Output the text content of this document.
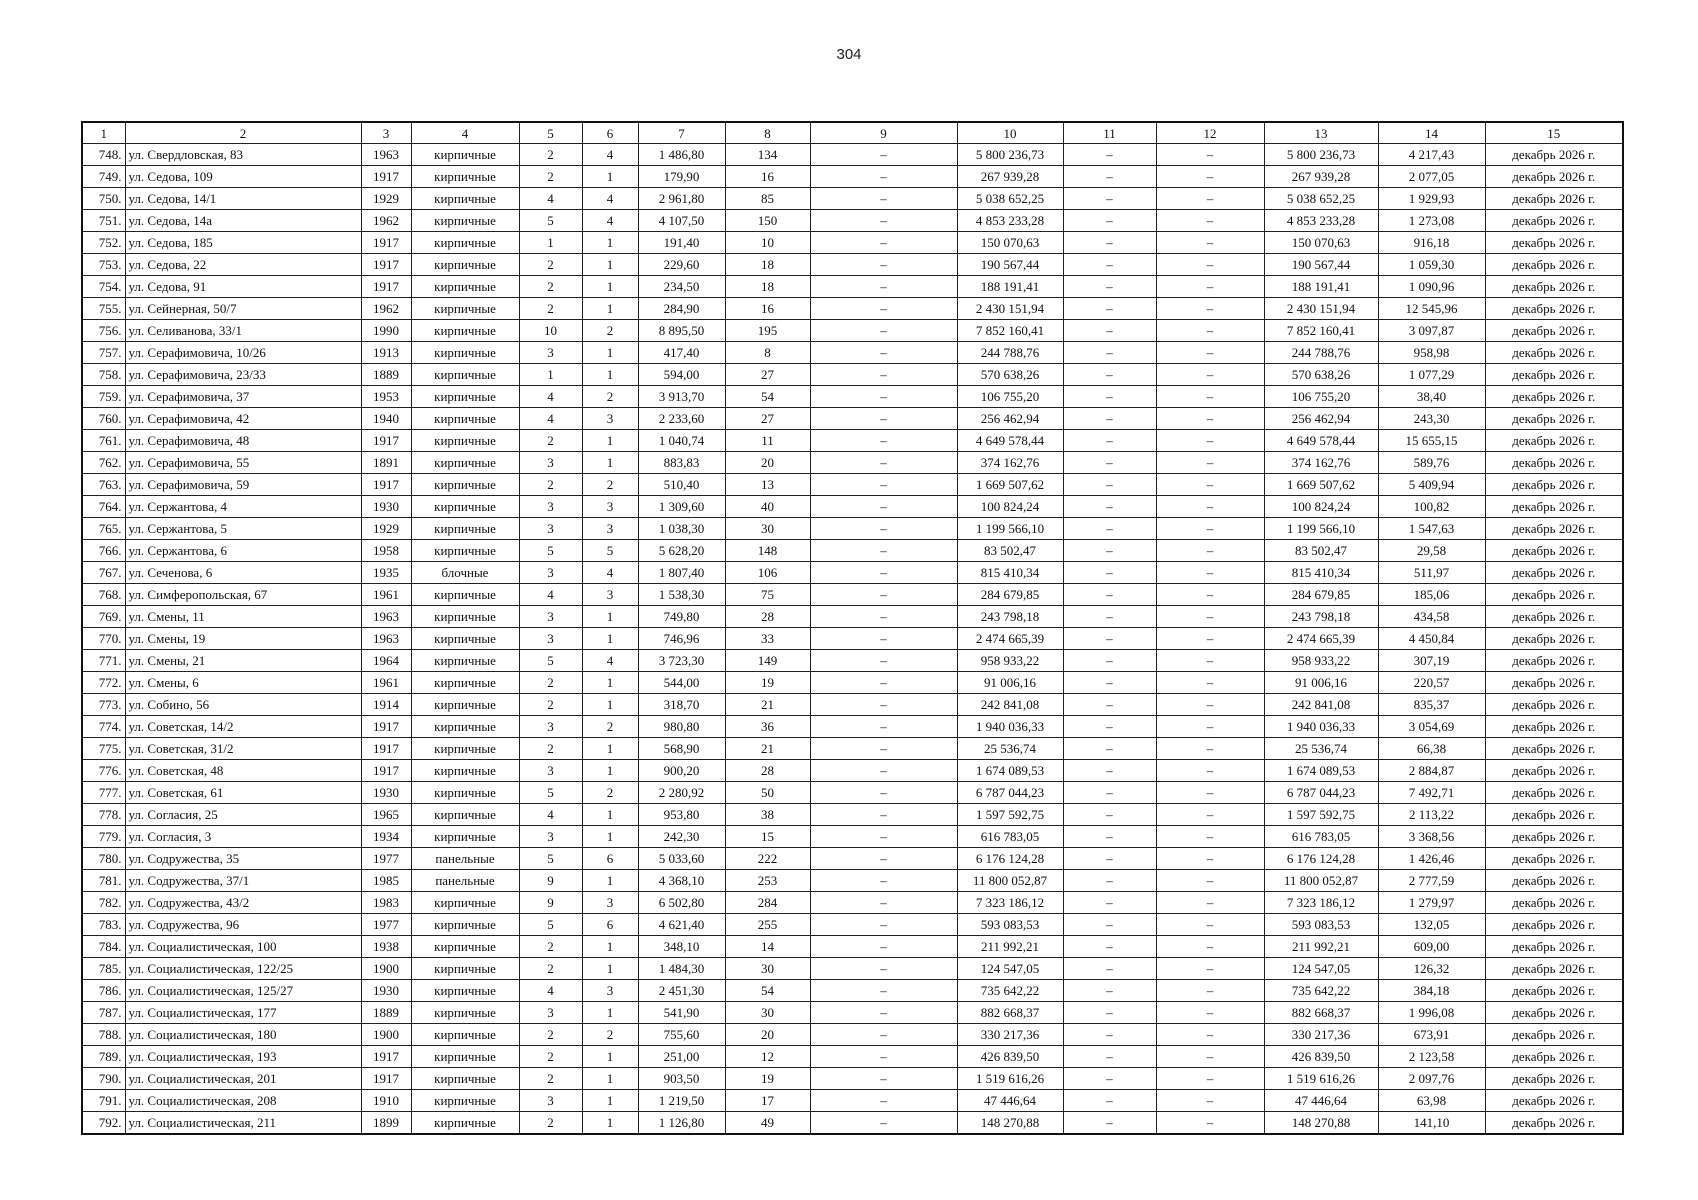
304
1	2	3	4	5	6	7	8	9	10	11	12	13	14	15
748.	ул. Свердловская, 83	1963	кирпичные	2	4	1 486,80	134	–	5 800 236,73	–	–	5 800 236,73	4 217,43	декабрь 2026 г.
749.	ул. Седова, 109	1917	кирпичные	2	1	179,90	16	–	267 939,28	–	–	267 939,28	2 077,05	декабрь 2026 г.
750.	ул. Седова, 14/1	1929	кирпичные	4	4	2 961,80	85	–	5 038 652,25	–	–	5 038 652,25	1 929,93	декабрь 2026 г.
751.	ул. Седова, 14а	1962	кирпичные	5	4	4 107,50	150	–	4 853 233,28	–	–	4 853 233,28	1 273,08	декабрь 2026 г.
752.	ул. Седова, 185	1917	кирпичные	1	1	191,40	10	–	150 070,63	–	–	150 070,63	916,18	декабрь 2026 г.
753.	ул. Седова, 22	1917	кирпичные	2	1	229,60	18	–	190 567,44	–	–	190 567,44	1 059,30	декабрь 2026 г.
754.	ул. Седова, 91	1917	кирпичные	2	1	234,50	18	–	188 191,41	–	–	188 191,41	1 090,96	декабрь 2026 г.
755.	ул. Сейнерная, 50/7	1962	кирпичные	2	1	284,90	16	–	2 430 151,94	–	–	2 430 151,94	12 545,96	декабрь 2026 г.
756.	ул. Селиванова, 33/1	1990	кирпичные	10	2	8 895,50	195	–	7 852 160,41	–	–	7 852 160,41	3 097,87	декабрь 2026 г.
757.	ул. Серафимовича, 10/26	1913	кирпичные	3	1	417,40	8	–	244 788,76	–	–	244 788,76	958,98	декабрь 2026 г.
758.	ул. Серафимовича, 23/33	1889	кирпичные	1	1	594,00	27	–	570 638,26	–	–	570 638,26	1 077,29	декабрь 2026 г.
759.	ул. Серафимовича, 37	1953	кирпичные	4	2	3 913,70	54	–	106 755,20	–	–	106 755,20	38,40	декабрь 2026 г.
760.	ул. Серафимовича, 42	1940	кирпичные	4	3	2 233,60	27	–	256 462,94	–	–	256 462,94	243,30	декабрь 2026 г.
761.	ул. Серафимовича, 48	1917	кирпичные	2	1	1 040,74	11	–	4 649 578,44	–	–	4 649 578,44	15 655,15	декабрь 2026 г.
762.	ул. Серафимовича, 55	1891	кирпичные	3	1	883,83	20	–	374 162,76	–	–	374 162,76	589,76	декабрь 2026 г.
763.	ул. Серафимовича, 59	1917	кирпичные	2	2	510,40	13	–	1 669 507,62	–	–	1 669 507,62	5 409,94	декабрь 2026 г.
764.	ул. Сержантова, 4	1930	кирпичные	3	3	1 309,60	40	–	100 824,24	–	–	100 824,24	100,82	декабрь 2026 г.
765.	ул. Сержантова, 5	1929	кирпичные	3	3	1 038,30	30	–	1 199 566,10	–	–	1 199 566,10	1 547,63	декабрь 2026 г.
766.	ул. Сержантова, 6	1958	кирпичные	5	5	5 628,20	148	–	83 502,47	–	–	83 502,47	29,58	декабрь 2026 г.
767.	ул. Сеченова, 6	1935	блочные	3	4	1 807,40	106	–	815 410,34	–	–	815 410,34	511,97	декабрь 2026 г.
768.	ул. Симферопольская, 67	1961	кирпичные	4	3	1 538,30	75	–	284 679,85	–	–	284 679,85	185,06	декабрь 2026 г.
769.	ул. Смены, 11	1963	кирпичные	3	1	749,80	28	–	243 798,18	–	–	243 798,18	434,58	декабрь 2026 г.
770.	ул. Смены, 19	1963	кирпичные	3	1	746,96	33	–	2 474 665,39	–	–	2 474 665,39	4 450,84	декабрь 2026 г.
771.	ул. Смены, 21	1964	кирпичные	5	4	3 723,30	149	–	958 933,22	–	–	958 933,22	307,19	декабрь 2026 г.
772.	ул. Смены, 6	1961	кирпичные	2	1	544,00	19	–	91 006,16	–	–	91 006,16	220,57	декабрь 2026 г.
773.	ул. Собино, 56	1914	кирпичные	2	1	318,70	21	–	242 841,08	–	–	242 841,08	835,37	декабрь 2026 г.
774.	ул. Советская, 14/2	1917	кирпичные	3	2	980,80	36	–	1 940 036,33	–	–	1 940 036,33	3 054,69	декабрь 2026 г.
775.	ул. Советская, 31/2	1917	кирпичные	2	1	568,90	21	–	25 536,74	–	–	25 536,74	66,38	декабрь 2026 г.
776.	ул. Советская, 48	1917	кирпичные	3	1	900,20	28	–	1 674 089,53	–	–	1 674 089,53	2 884,87	декабрь 2026 г.
777.	ул. Советская, 61	1930	кирпичные	5	2	2 280,92	50	–	6 787 044,23	–	–	6 787 044,23	7 492,71	декабрь 2026 г.
778.	ул. Согласия, 25	1965	кирпичные	4	1	953,80	38	–	1 597 592,75	–	–	1 597 592,75	2 113,22	декабрь 2026 г.
779.	ул. Согласия, 3	1934	кирпичные	3	1	242,30	15	–	616 783,05	–	–	616 783,05	3 368,56	декабрь 2026 г.
780.	ул. Содружества, 35	1977	панельные	5	6	5 033,60	222	–	6 176 124,28	–	–	6 176 124,28	1 426,46	декабрь 2026 г.
781.	ул. Содружества, 37/1	1985	панельные	9	1	4 368,10	253	–	11 800 052,87	–	–	11 800 052,87	2 777,59	декабрь 2026 г.
782.	ул. Содружества, 43/2	1983	кирпичные	9	3	6 502,80	284	–	7 323 186,12	–	–	7 323 186,12	1 279,97	декабрь 2026 г.
783.	ул. Содружества, 96	1977	кирпичные	5	6	4 621,40	255	–	593 083,53	–	–	593 083,53	132,05	декабрь 2026 г.
784.	ул. Социалистическая, 100	1938	кирпичные	2	1	348,10	14	–	211 992,21	–	–	211 992,21	609,00	декабрь 2026 г.
785.	ул. Социалистическая, 122/25	1900	кирпичные	2	1	1 484,30	30	–	124 547,05	–	–	124 547,05	126,32	декабрь 2026 г.
786.	ул. Социалистическая, 125/27	1930	кирпичные	4	3	2 451,30	54	–	735 642,22	–	–	735 642,22	384,18	декабрь 2026 г.
787.	ул. Социалистическая, 177	1889	кирпичные	3	1	541,90	30	–	882 668,37	–	–	882 668,37	1 996,08	декабрь 2026 г.
788.	ул. Социалистическая, 180	1900	кирпичные	2	2	755,60	20	–	330 217,36	–	–	330 217,36	673,91	декабрь 2026 г.
789.	ул. Социалистическая, 193	1917	кирпичные	2	1	251,00	12	–	426 839,50	–	–	426 839,50	2 123,58	декабрь 2026 г.
790.	ул. Социалистическая, 201	1917	кирпичные	2	1	903,50	19	–	1 519 616,26	–	–	1 519 616,26	2 097,76	декабрь 2026 г.
791.	ул. Социалистическая, 208	1910	кирпичные	3	1	1 219,50	17	–	47 446,64	–	–	47 446,64	63,98	декабрь 2026 г.
792.	ул. Социалистическая, 211	1899	кирпичные	2	1	1 126,80	49	–	148 270,88	–	–	148 270,88	141,10	декабрь 2026 г.
